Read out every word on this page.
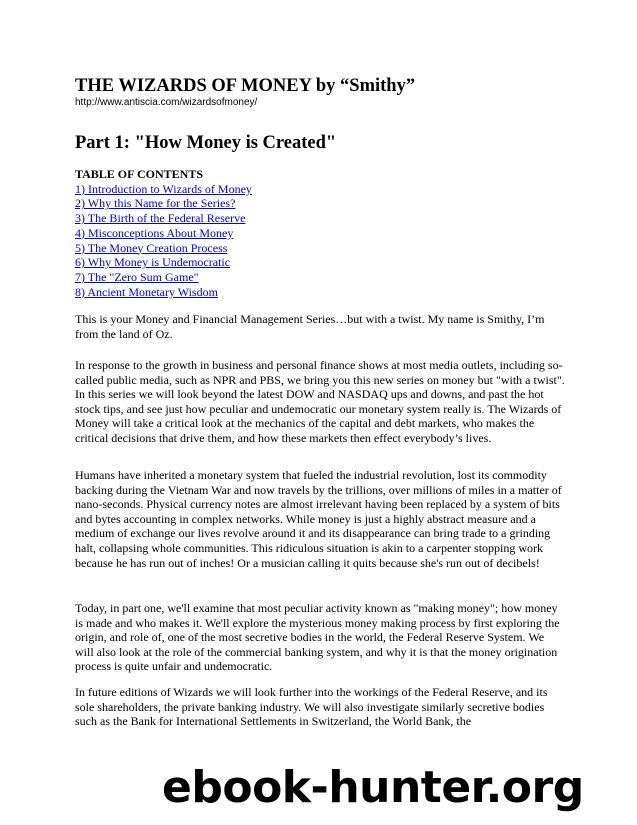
THE WIZARDS OF MONEY by “Smithy”
http://www.antiscia.com/wizardsofmoney/
Part 1: "How Money is Created"
TABLE OF CONTENTS
1) Introduction to Wizards of Money
2) Why this Name for the Series?
3) The Birth of the Federal Reserve
4) Misconceptions About Money
5) The Money Creation Process
6) Why Money is Undemocratic
7) The "Zero Sum Game"
8) Ancient Monetary Wisdom

This is your Money and Financial Management Series…but with a twist. My name is Smithy, I’m from the land of Oz.

In response to the growth in business and personal finance shows at most media outlets, including so-called public media, such as NPR and PBS, we bring you this new series on money but "with a twist". In this series we will look beyond the latest DOW and NASDAQ ups and downs, and past the hot stock tips, and see just how peculiar and undemocratic our monetary system really is. The Wizards of Money will take a critical look at the mechanics of the capital and debt markets, who makes the critical decisions that drive them, and how these markets then effect everybody’s lives.

Humans have inherited a monetary system that fueled the industrial revolution, lost its commodity backing during the Vietnam War and now travels by the trillions, over millions of miles in a matter of nano-seconds. Physical currency notes are almost irrelevant having been replaced by a system of bits and bytes accounting in complex networks. While money is just a highly abstract measure and a medium of exchange our lives revolve around it and its disappearance can bring trade to a grinding halt, collapsing whole communities. This ridiculous situation is akin to a carpenter stopping work because he has run out of inches! Or a musician calling it quits because she's run out of decibels!

Today, in part one, we'll examine that most peculiar activity known as "making money"; how money is made and who makes it. We'll explore the mysterious money making process by first exploring the origin, and role of, one of the most secretive bodies in the world, the Federal Reserve System. We will also look at the role of the commercial banking system, and why it is that the money origination process is quite unfair and undemocratic.

In future editions of Wizards we will look further into the workings of the Federal Reserve, and its sole shareholders, the private banking industry. We will also investigate similarly secretive bodies such as the Bank for International Settlements in Switzerland, the World Bank, the

ebook-hunter.org
